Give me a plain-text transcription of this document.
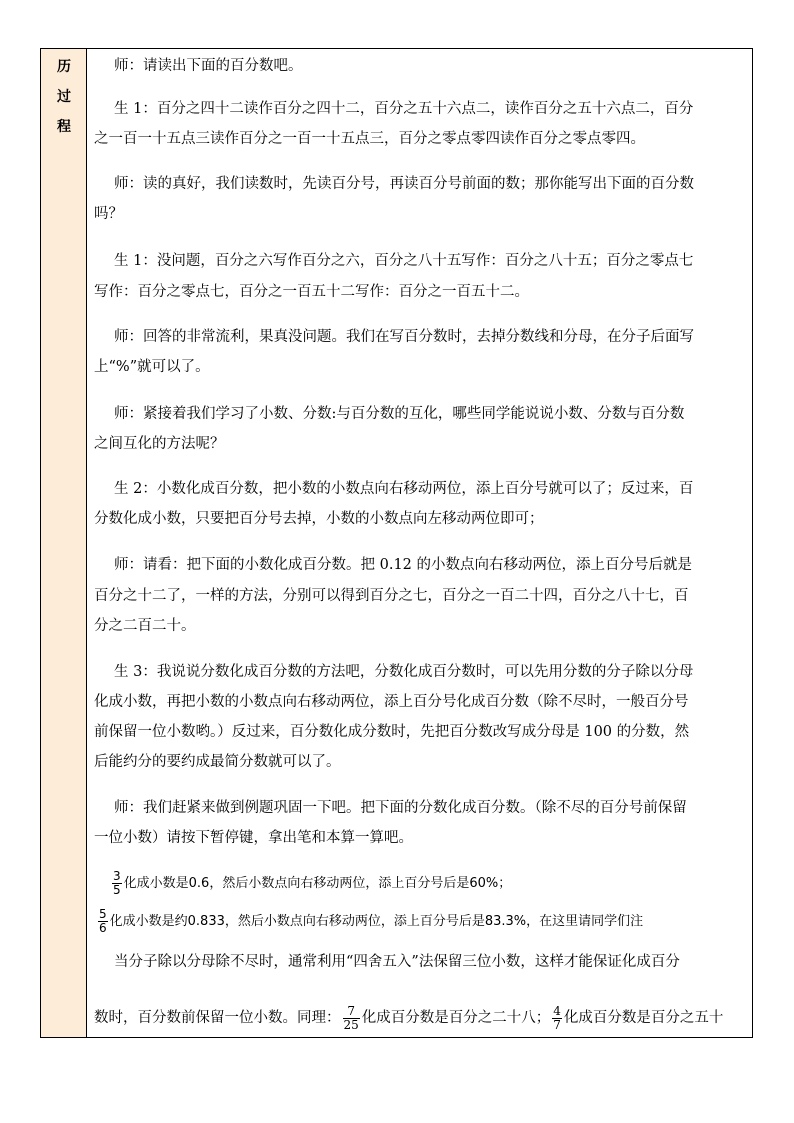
历
过
程
师：请读出下面的百分数吧。
生 1：百分之四十二读作百分之四十二，百分之五十六点二，读作百分之五十六点二，百分
之一百一十五点三读作百分之一百一十五点三，百分之零点零四读作百分之零点零四。
师：读的真好，我们读数时，先读百分号，再读百分号前面的数；那你能写出下面的百分数
吗？
生 1：没问题，百分之六写作百分之六，百分之八十五写作：百分之八十五；百分之零点七
写作：百分之零点七，百分之一百五十二写作：百分之一百五十二。
师：回答的非常流利，果真没问题。我们在写百分数时，去掉分数线和分母，在分子后面写
上“%”就可以了。
师：紧接着我们学习了小数、分数:与百分数的互化，哪些同学能说说小数、分数与百分数
之间互化的方法呢？
生 2：小数化成百分数，把小数的小数点向右移动两位，添上百分号就可以了；反过来，百
分数化成小数，只要把百分号去掉，小数的小数点向左移动两位即可；
师：请看：把下面的小数化成百分数。把 0.12 的小数点向右移动两位，添上百分号后就是
百分之十二了，一样的方法，分别可以得到百分之七，百分之一百二十四，百分之八十七，百
分之二百二十。
生 3：我说说分数化成百分数的方法吧，分数化成百分数时，可以先用分数的分子除以分母
化成小数，再把小数的小数点向右移动两位，添上百分号化成百分数（除不尽时，一般百分号
前保留一位小数哟。）反过来，百分数化成分数时，先把百分数改写成分母是 100 的分数，然
后能约分的要约成最简分数就可以了。
师：我们赶紧来做到例题巩固一下吧。把下面的分数化成百分数。（除不尽的百分号前保留
一位小数）请按下暂停键，拿出笔和本算一算吧。
$\frac{3}{5}$ 化成小数是0.6，然后小数点向右移动两位，添上百分号后是60%；
$\frac{5}{6}$ 化成小数是约0.833，然后小数点向右移动两位，添上百分号后是83.3%，在这里请同学们注
当分子除以分母除不尽时，通常利用“四舍五入”法保留三位小数，这样才能保证化成百分
数时，百分数前保留一位小数。同理： $\frac{7}{25}$ 化成百分数是百分之二十八； $\frac{4}{7}$ 化成百分数是百分之五十
